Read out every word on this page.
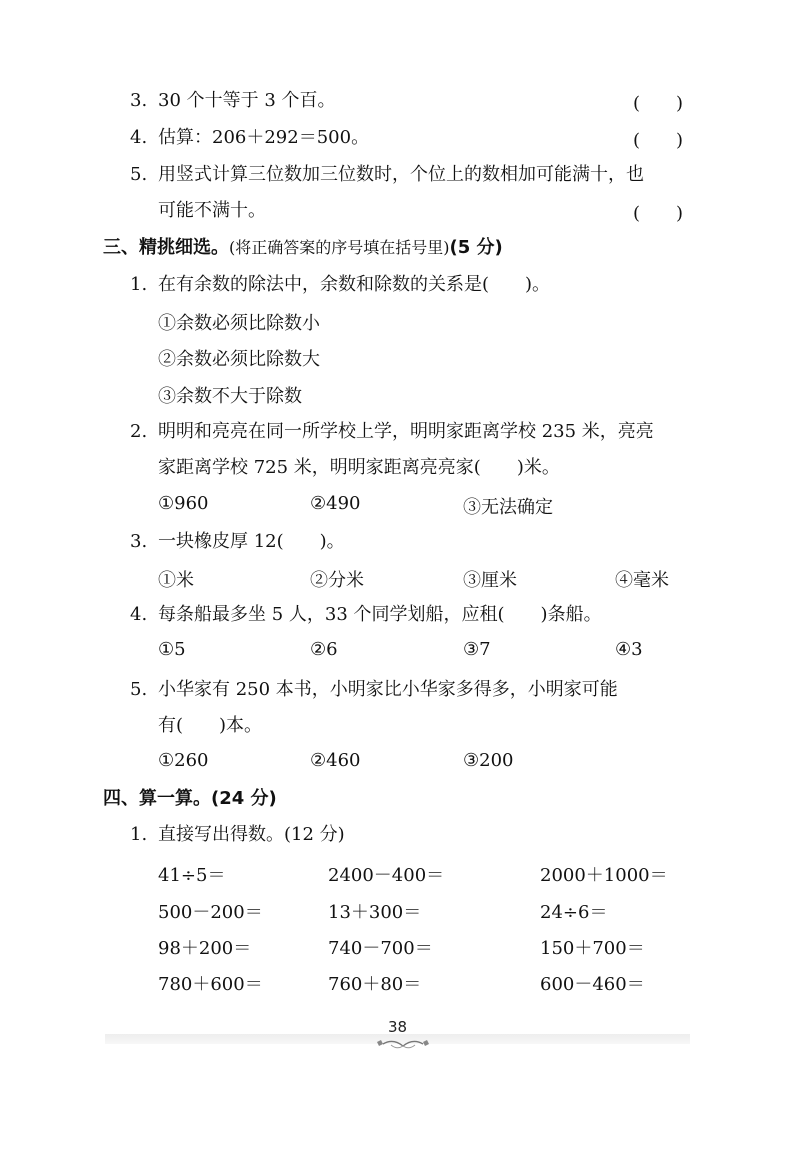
3. 30 个十等于 3 个百。	(　　)
4. 估算：206＋292＝500。	(　　)
5. 用竖式计算三位数加三位数时，个位上的数相加可能满十，也
可能不满十。	(　　)
三、精挑细选。(将正确答案的序号填在括号里)(5 分)
1. 在有余数的除法中，余数和除数的关系是(　　)。
①余数必须比除数小
②余数必须比除数大
③余数不大于除数
2. 明明和亮亮在同一所学校上学，明明家距离学校 235 米，亮亮
家距离学校 725 米，明明家距离亮亮家(　　)米。
①960	②490	③无法确定
3. 一块橡皮厚 12(　　)。
①米	②分米	③厘米	④毫米
4. 每条船最多坐 5 人，33 个同学划船，应租(　　)条船。
①5	②6	③7	④3
5. 小华家有 250 本书，小明家比小华家多得多，小明家可能
有(　　)本。
①260	②460	③200
四、算一算。(24 分)
1. 直接写出得数。(12 分)
41÷5＝	2400－400＝	2000＋1000＝
500－200＝	13＋300＝	24÷6＝
98＋200＝	740－700＝	150＋700＝
780＋600＝	760＋80＝	600－460＝
38
